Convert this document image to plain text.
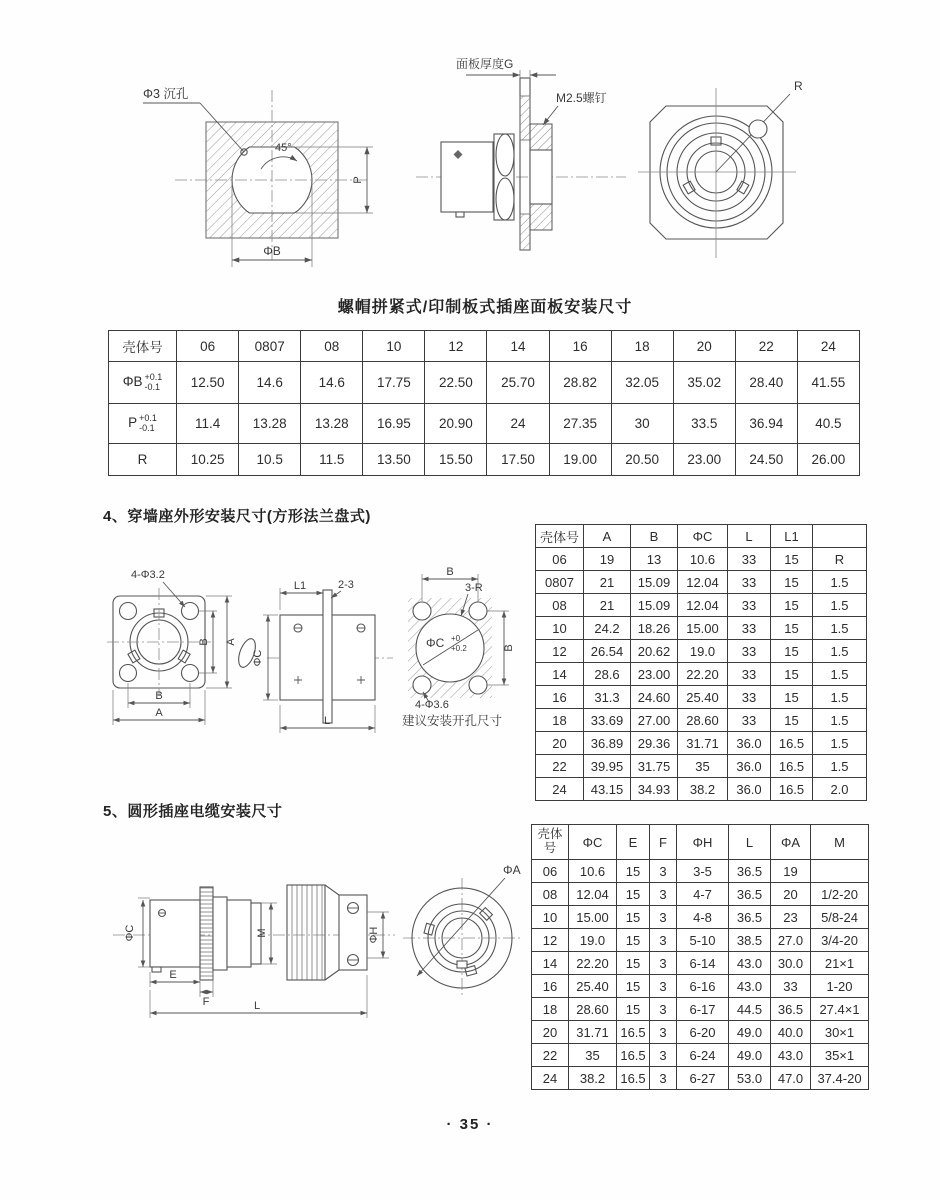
Φ3 沉孔
45°
P
ΦB
面板厚度G
M2.5螺钉
R
螺帽拼紧式/印制板式插座面板安装尺寸
壳体号	06	0807	08	10	12	14	16	18	20	22	24
ΦB +0.1
-0.1	12.50	14.6	14.6	17.75	22.50	25.70	28.82	32.05	35.02	28.40	41.55
P +0.1
-0.1	11.4	13.28	13.28	16.95	20.90	24	27.35	30	33.5	36.94	40.5
R	10.25	10.5	11.5	13.50	15.50	17.50	19.00	20.50	23.00	24.50	26.00
4、穿墙座外形安装尺寸(方形法兰盘式)
4-Φ3.2
B A
B
A
L1	2-3
ΦC
L
B
3-R
ΦC +0
+0.2	B
4-Φ3.6
建议安装开孔尺寸
壳体号	A	B	ΦC	L	L1	
06	19	13	10.6	33	15	R
0807	21	15.09	12.04	33	15	1.5
08	21	15.09	12.04	33	15	1.5
10	24.2	18.26	15.00	33	15	1.5
12	26.54	20.62	19.0	33	15	1.5
14	28.6	23.00	22.20	33	15	1.5
16	31.3	24.60	25.40	33	15	1.5
18	33.69	27.00	28.60	33	15	1.5
20	36.89	29.36	31.71	36.0	16.5	1.5
22	39.95	31.75	35	36.0	16.5	1.5
24	43.15	34.93	38.2	36.0	16.5	2.0
5、圆形插座电缆安装尺寸
ΦC	M
E
F	L
ΦH
ΦA
壳体号	ΦC	E	F	ΦH	L	ΦA	M
06	10.6	15	3	3-5	36.5	19	
08	12.04	15	3	4-7	36.5	20	1/2-20
10	15.00	15	3	4-8	36.5	23	5/8-24
12	19.0	15	3	5-10	38.5	27.0	3/4-20
14	22.20	15	3	6-14	43.0	30.0	21×1
16	25.40	15	3	6-16	43.0	33	1-20
18	28.60	15	3	6-17	44.5	36.5	27.4×1
20	31.71	16.5	3	6-20	49.0	40.0	30×1
22	35	16.5	3	6-24	49.0	43.0	35×1
24	38.2	16.5	3	6-27	53.0	47.0	37.4-20
· 35 ·
